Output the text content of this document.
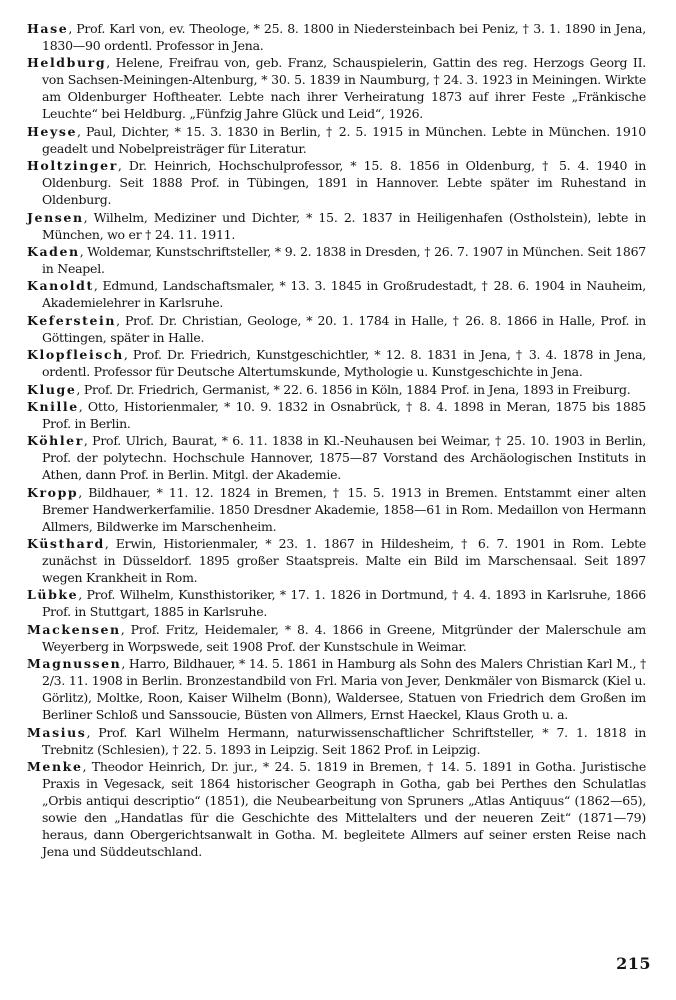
Hase, Prof. Karl von, ev. Theologe, * 25. 8. 1800 in Niedersteinbach bei Peniz, † 3. 1. 1890 in Jena, 1830—90 ordentl. Professor in Jena.

Heldburg, Helene, Freifrau von, geb. Franz, Schauspielerin, Gattin des reg. Herzogs Georg II. von Sachsen-Meiningen-Altenburg, * 30. 5. 1839 in Naumburg, † 24. 3. 1923 in Meiningen. Wirkte am Oldenburger Hoftheater. Lebte nach ihrer Verheiratung 1873 auf ihrer Feste „Fränkische Leuchte“ bei Heldburg. „Fünfzig Jahre Glück und Leid“, 1926.

Heyse, Paul, Dichter, * 15. 3. 1830 in Berlin, † 2. 5. 1915 in München. Lebte in München. 1910 geadelt und Nobelpreisträger für Literatur.

Holtzinger, Dr. Heinrich, Hochschulprofessor, * 15. 8. 1856 in Oldenburg, † 5. 4. 1940 in Oldenburg. Seit 1888 Prof. in Tübingen, 1891 in Hannover. Lebte später im Ruhestand in Oldenburg.

Jensen, Wilhelm, Mediziner und Dichter, * 15. 2. 1837 in Heiligenhafen (Ostholstein), lebte in München, wo er † 24. 11. 1911.

Kaden, Woldemar, Kunstschriftsteller, * 9. 2. 1838 in Dresden, † 26. 7. 1907 in München. Seit 1867 in Neapel.

Kanoldt, Edmund, Landschaftsmaler, * 13. 3. 1845 in Großrudestadt, † 28. 6. 1904 in Nauheim, Akademielehrer in Karlsruhe.

Keferstein, Prof. Dr. Christian, Geologe, * 20. 1. 1784 in Halle, † 26. 8. 1866 in Halle, Prof. in Göttingen, später in Halle.

Klopfleisch, Prof. Dr. Friedrich, Kunstgeschichtler, * 12. 8. 1831 in Jena, † 3. 4. 1878 in Jena, ordentl. Professor für Deutsche Altertumskunde, Mythologie u. Kunstgeschichte in Jena.

Kluge, Prof. Dr. Friedrich, Germanist, * 22. 6. 1856 in Köln, 1884 Prof. in Jena, 1893 in Freiburg.

Knille, Otto, Historienmaler, * 10. 9. 1832 in Osnabrück, † 8. 4. 1898 in Meran, 1875 bis 1885 Prof. in Berlin.

Köhler, Prof. Ulrich, Baurat, * 6. 11. 1838 in Kl.-Neuhausen bei Weimar, † 25. 10. 1903 in Berlin, Prof. der polytechn. Hochschule Hannover, 1875—87 Vorstand des Archäologischen Instituts in Athen, dann Prof. in Berlin. Mitgl. der Akademie.

Kropp, Bildhauer, * 11. 12. 1824 in Bremen, † 15. 5. 1913 in Bremen. Entstammt einer alten Bremer Handwerkerfamilie. 1850 Dresdner Akademie, 1858—61 in Rom. Medaillon von Hermann Allmers, Bildwerke im Marschenheim.

Küsthard, Erwin, Historienmaler, * 23. 1. 1867 in Hildesheim, † 6. 7. 1901 in Rom. Lebte zunächst in Düsseldorf. 1895 großer Staatspreis. Malte ein Bild im Marschensaal. Seit 1897 wegen Krankheit in Rom.

Lübke, Prof. Wilhelm, Kunsthistoriker, * 17. 1. 1826 in Dortmund, † 4. 4. 1893 in Karlsruhe, 1866 Prof. in Stuttgart, 1885 in Karlsruhe.

Mackensen, Prof. Fritz, Heidemaler, * 8. 4. 1866 in Greene, Mitgründer der Malerschule am Weyerberg in Worpswede, seit 1908 Prof. der Kunstschule in Weimar.

Magnussen, Harro, Bildhauer, * 14. 5. 1861 in Hamburg als Sohn des Malers Christian Karl M., † 2/3. 11. 1908 in Berlin. Bronzestandbild von Frl. Maria von Jever, Denkmäler von Bismarck (Kiel u. Görlitz), Moltke, Roon, Kaiser Wilhelm (Bonn), Waldersee, Statuen von Friedrich dem Großen im Berliner Schloß und Sanssoucie, Büsten von Allmers, Ernst Haeckel, Klaus Groth u. a.

Masius, Prof. Karl Wilhelm Hermann, naturwissenschaftlicher Schriftsteller, * 7. 1. 1818 in Trebnitz (Schlesien), † 22. 5. 1893 in Leipzig. Seit 1862 Prof. in Leipzig.

Menke, Theodor Heinrich, Dr. jur., * 24. 5. 1819 in Bremen, † 14. 5. 1891 in Gotha. Juristische Praxis in Vegesack, seit 1864 historischer Geograph in Gotha, gab bei Perthes den Schulatlas „Orbis antiqui descriptio“ (1851), die Neubearbeitung von Spruners „Atlas Antiquus“ (1862—65), sowie den „Handatlas für die Geschichte des Mittelalters und der neueren Zeit“ (1871—79) heraus, dann Obergerichtsanwalt in Gotha. M. begleitete Allmers auf seiner ersten Reise nach Jena und Süddeutschland.

215
